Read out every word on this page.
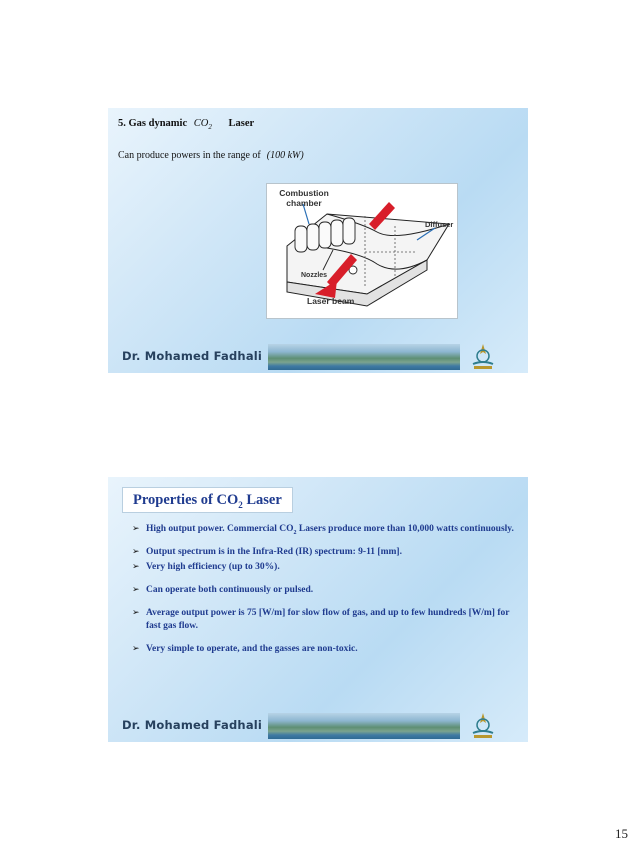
5. Gas dynamic $CO_2$ Laser
Can produce powers in the range of (100 kW)
Combustion chamber
Diffuser
Nozzles
Laser beam
Dr. Mohamed Fadhali
Properties of $CO_2$ Laser
➢ High output power. Commercial $CO_2$ Lasers produce more than 10,000 watts continuously.
➢ Output spectrum is in the Infra-Red (IR) spectrum: 9-11 [mm].
➢ Very high efficiency (up to 30%).
➢ Can operate both continuously or pulsed.
➢ Average output power is 75 [W/m] for slow flow of gas, and up to few hundreds [W/m] for fast gas flow.
➢ Very simple to operate, and the gasses are non-toxic.
Dr. Mohamed Fadhali
15
